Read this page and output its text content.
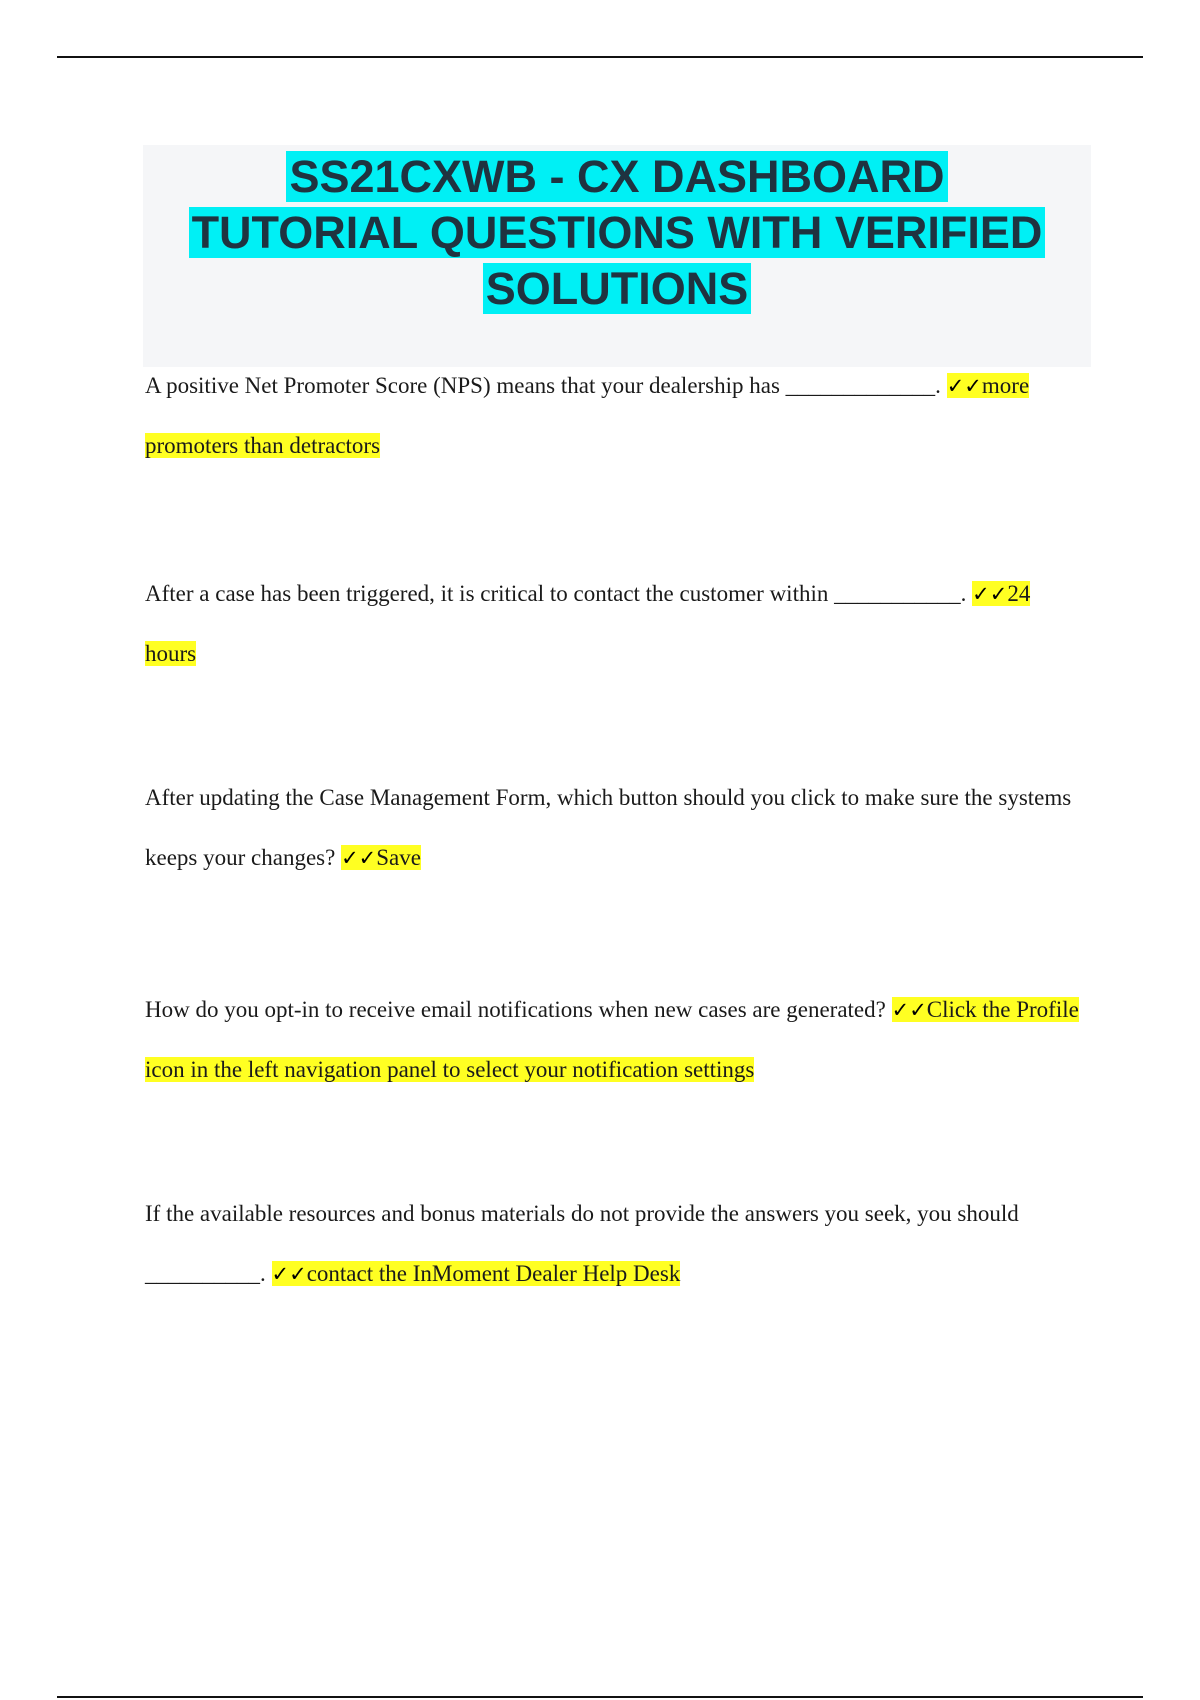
SS21CXWB - CX DASHBOARD
TUTORIAL QUESTIONS WITH VERIFIED
SOLUTIONS

A positive Net Promoter Score (NPS) means that your dealership has _____________. ✓✓more promoters than detractors

After a case has been triggered, it is critical to contact the customer within ___________. ✓✓24 hours

After updating the Case Management Form, which button should you click to make sure the systems keeps your changes? ✓✓Save

How do you opt-in to receive email notifications when new cases are generated? ✓✓Click the Profile icon in the left navigation panel to select your notification settings

If the available resources and bonus materials do not provide the answers you seek, you should __________. ✓✓contact the InMoment Dealer Help Desk
